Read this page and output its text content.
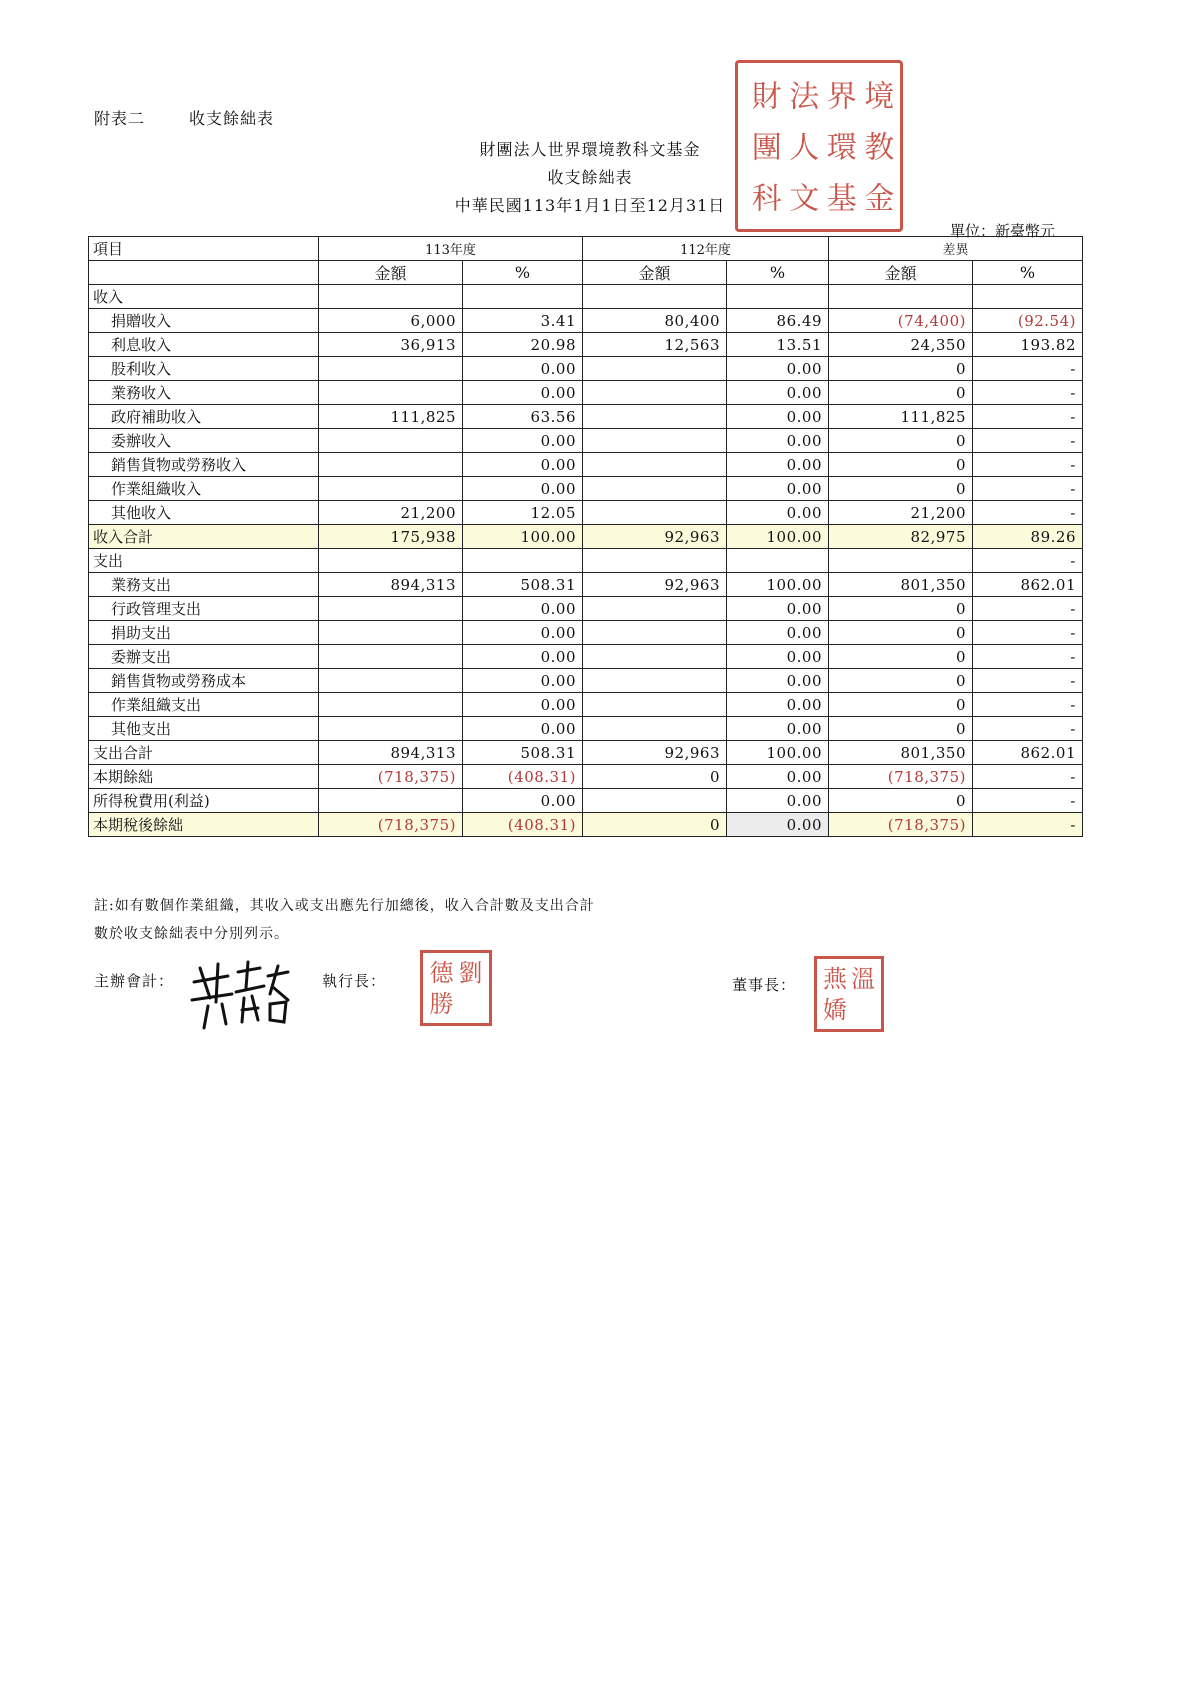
附表二	收支餘絀表
財團法人世界環境教科文基金
收支餘絀表
中華民國113年1月1日至12月31日
財 法 界 境
團 人 環 教
科 文 基 金
單位：新臺幣元
項目	113年度		112年度		差異	
	金額	%	金額	%	金額	%
收入						
捐贈收入	6,000	3.41	80,400	86.49	(74,400)	(92.54)
利息收入	36,913	20.98	12,563	13.51	24,350	193.82
股利收入		0.00		0.00	0	-
業務收入		0.00		0.00	0	-
政府補助收入	111,825	63.56		0.00	111,825	-
委辦收入		0.00		0.00	0	-
銷售貨物或勞務收入		0.00		0.00	0	-
作業組織收入		0.00		0.00	0	-
其他收入	21,200	12.05		0.00	21,200	-
收入合計	175,938	100.00	92,963	100.00	82,975	89.26
支出						-
業務支出	894,313	508.31	92,963	100.00	801,350	862.01
行政管理支出		0.00		0.00	0	-
捐助支出		0.00		0.00	0	-
委辦支出		0.00		0.00	0	-
銷售貨物或勞務成本		0.00		0.00	0	-
作業組織支出		0.00		0.00	0	-
其他支出		0.00		0.00	0	-
支出合計	894,313	508.31	92,963	100.00	801,350	862.01
本期餘絀	(718,375)	(408.31)	0	0.00	(718,375)	-
所得稅費用(利益)		0.00		0.00	0	-
本期稅後餘絀	(718,375)	(408.31)	0	0.00	(718,375)	-
註:如有數個作業組織，其收入或支出應先行加總後，收入合計數及支出合計
數於收支餘絀表中分別列示。
主辦會計：	執行長： 德 劉
勝
董事長： 燕 溫
嬌
